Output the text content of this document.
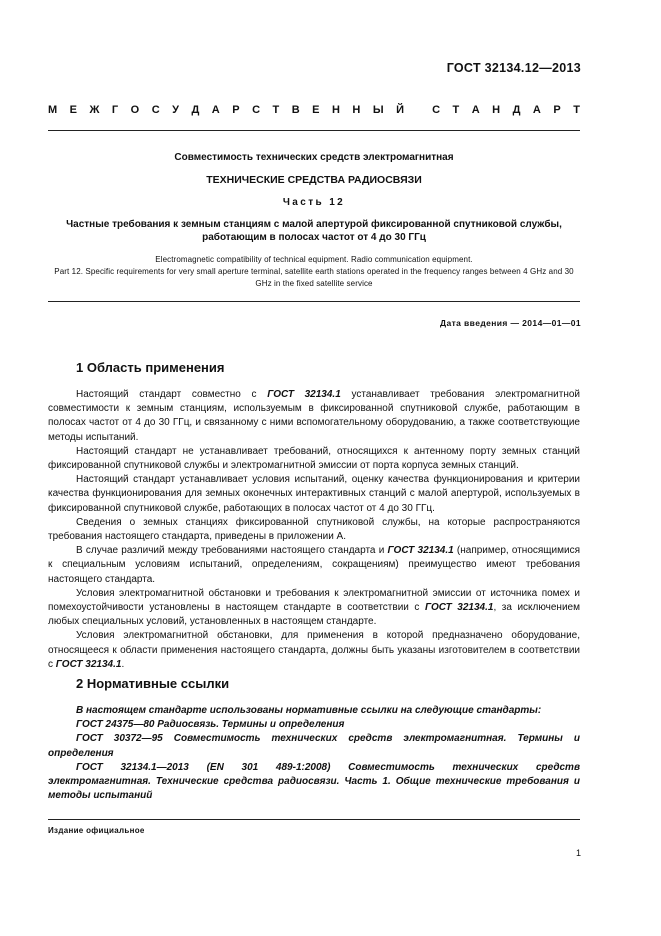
ГОСТ 32134.12—2013
М Е Ж Г О С У Д А Р С Т В Е Н Н Ы Й
	С Т А Н Д А Р Т
Совместимость технических средств электромагнитная
ТЕХНИЧЕСКИЕ СРЕДСТВА РАДИОСВЯЗИ
Часть 12
Частные требования к земным станциям с малой апертурой фиксированной спутниковой службы, работающим в полосах частот от 4 до 30 ГГц
Electromagnetic compatibility of technical equipment. Radio communication equipment.
Part 12. Specific requirements for very small aperture terminal, satellite earth stations operated in the frequency ranges between 4 GHz and 30 GHz in the fixed satellite service
Дата введения — 2014—01—01
1 Область применения

Настоящий стандарт совместно с ГОСТ 32134.1 устанавливает требования электромагнитной совместимости к земным станциям, используемым в фиксированной спутниковой службе, работающим в полосах частот от 4 до 30 ГГц, и связанному с ними вспомогательному оборудованию, а также соответствующие методы испытаний.

Настоящий стандарт не устанавливает требований, относящихся к антенному порту земных станций фиксированной спутниковой службы и электромагнитной эмиссии от порта корпуса земных станций.

Настоящий стандарт устанавливает условия испытаний, оценку качества функционирования и критерии качества функционирования для земных оконечных интерактивных станций с малой апертурой, используемых в фиксированной спутниковой службе, работающих в полосах частот от 4 до 30 ГГц.

Сведения о земных станциях фиксированной спутниковой службы, на которые распространяются требования настоящего стандарта, приведены в приложении А.

В случае различий между требованиями настоящего стандарта и ГОСТ 32134.1 (например, относящимися к специальным условиям испытаний, определениям, сокращениям) преимущество имеют требования настоящего стандарта.

Условия электромагнитной обстановки и требования к электромагнитной эмиссии от источника помех и помехоустойчивости установлены в настоящем стандарте в соответствии с ГОСТ 32134.1, за исключением любых специальных условий, установленных в настоящем стандарте.

Условия электромагнитной обстановки, для применения в которой предназначено оборудование, относящееся к области применения настоящего стандарта, должны быть указаны изготовителем в соответствии с ГОСТ 32134.1.

2 Нормативные ссылки

В настоящем стандарте использованы нормативные ссылки на следующие стандарты:

ГОСТ 24375—80 Радиосвязь. Термины и определения

ГОСТ 30372—95 Совместимость технических средств электромагнитная. Термины и определения

ГОСТ 32134.1—2013 (EN 301 489-1:2008) Совместимость технических средств электромагнитная. Технические средства радиосвязи. Часть 1. Общие технические требования и методы испытаний

Издание официальное
1
